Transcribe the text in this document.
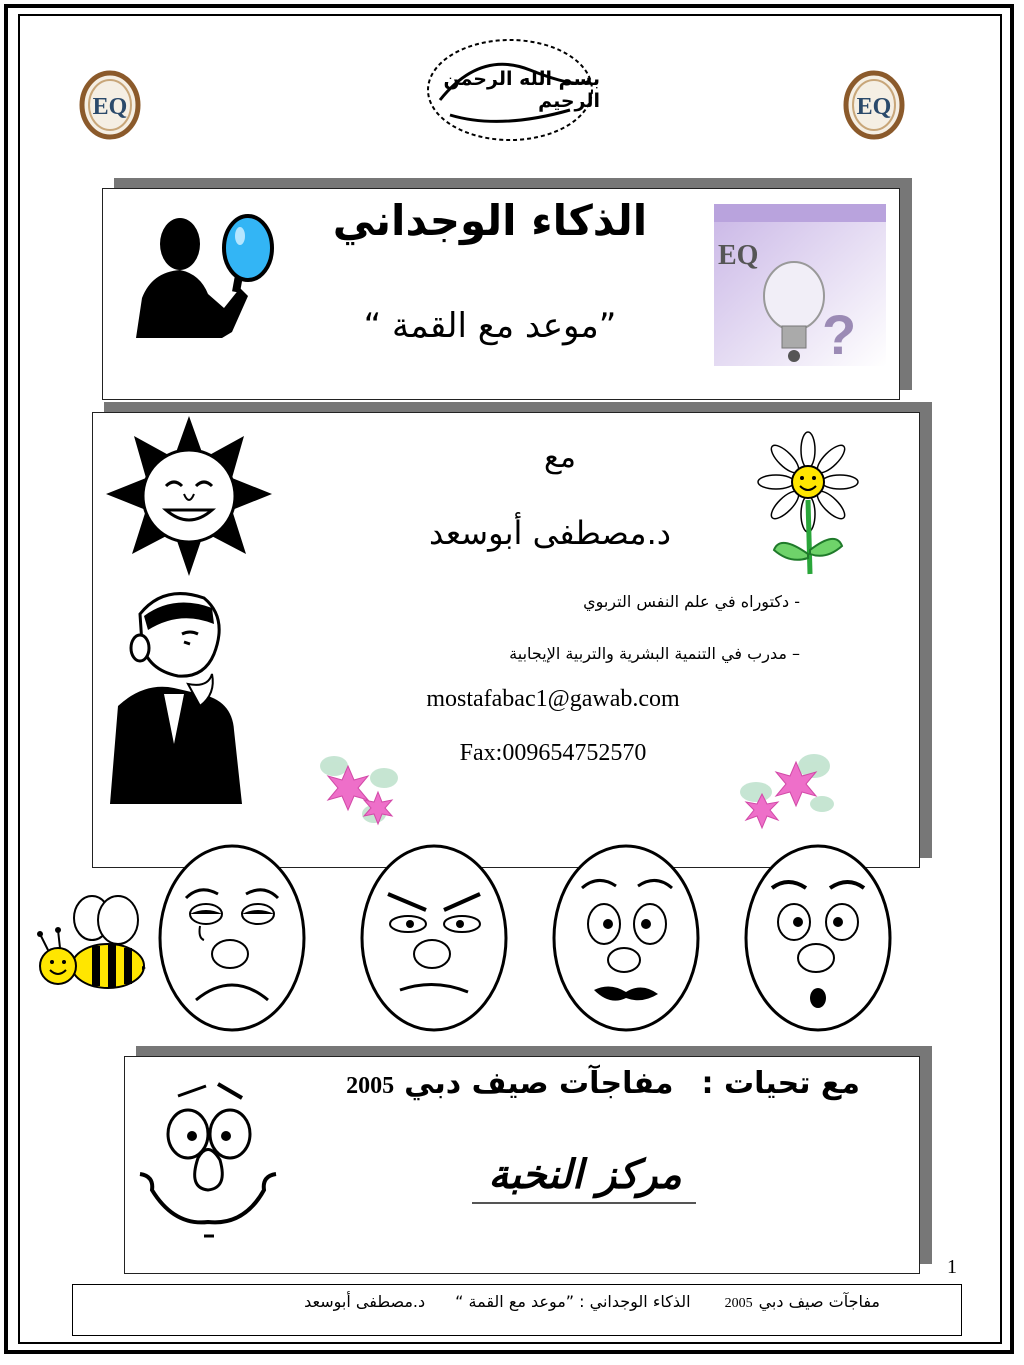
EQ	EQ
بسم الله الرحمن الرحيم
الذكاء الوجداني
”موعد مع القمة “
EQ
?
مع
د.مصطفى أبوسعد
- دكتوراه في علم النفس التربوي
– مدرب في التنمية البشرية والتربية الإيجابية
mostafabac1@gawab.com
Fax:009654752570
مع تحيات :
مفاجآت صيف دبي
2005
مركز النخبة
1
مفاجآت صيف دبي
2005
الذكاء الوجداني : ”موعد مع القمة “
د.مصطفى أبوسعد
